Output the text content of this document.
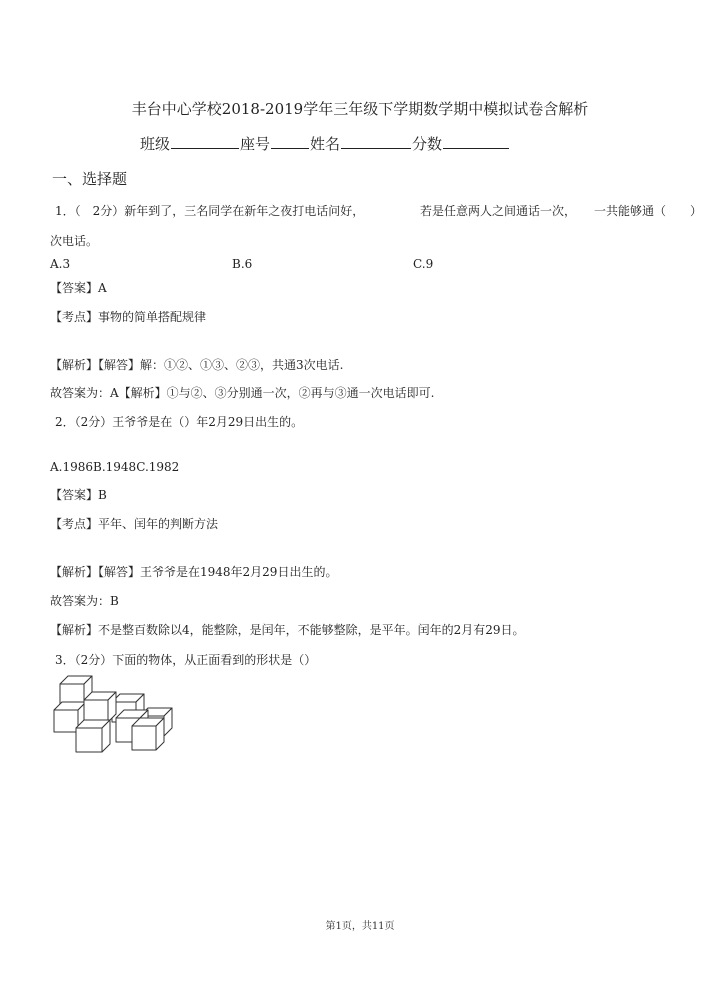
丰台中心学校2018-2019学年三年级下学期数学期中模拟试卷含解析
班级	座号	姓名	分数
一、选择题
1．（　2分）新年到了，三名同学在新年之夜打电话问好，	若是任意两人之间通话一次， 一共能够通（　　）
次电话。
A.3	B.6	C.9
【答案】A
【考点】事物的简单搭配规律
【解析】【解答】解：①②、①③、②③，共通3次电话.
故答案为：A【解析】①与②、③分别通一次，②再与③通一次电话即可.
2．（2分）王爷爷是在（）年2月29日出生的。
A.1986B.1948C.1982
【答案】B
【考点】平年、闰年的判断方法
【解析】【解答】王爷爷是在1948年2月29日出生的。
故答案为：B
【解析】不是整百数除以4，能整除，是闰年，不能够整除，是平年。闰年的2月有29日。
3．（2分）下面的物体，从正面看到的形状是（）
第1页，共11页
